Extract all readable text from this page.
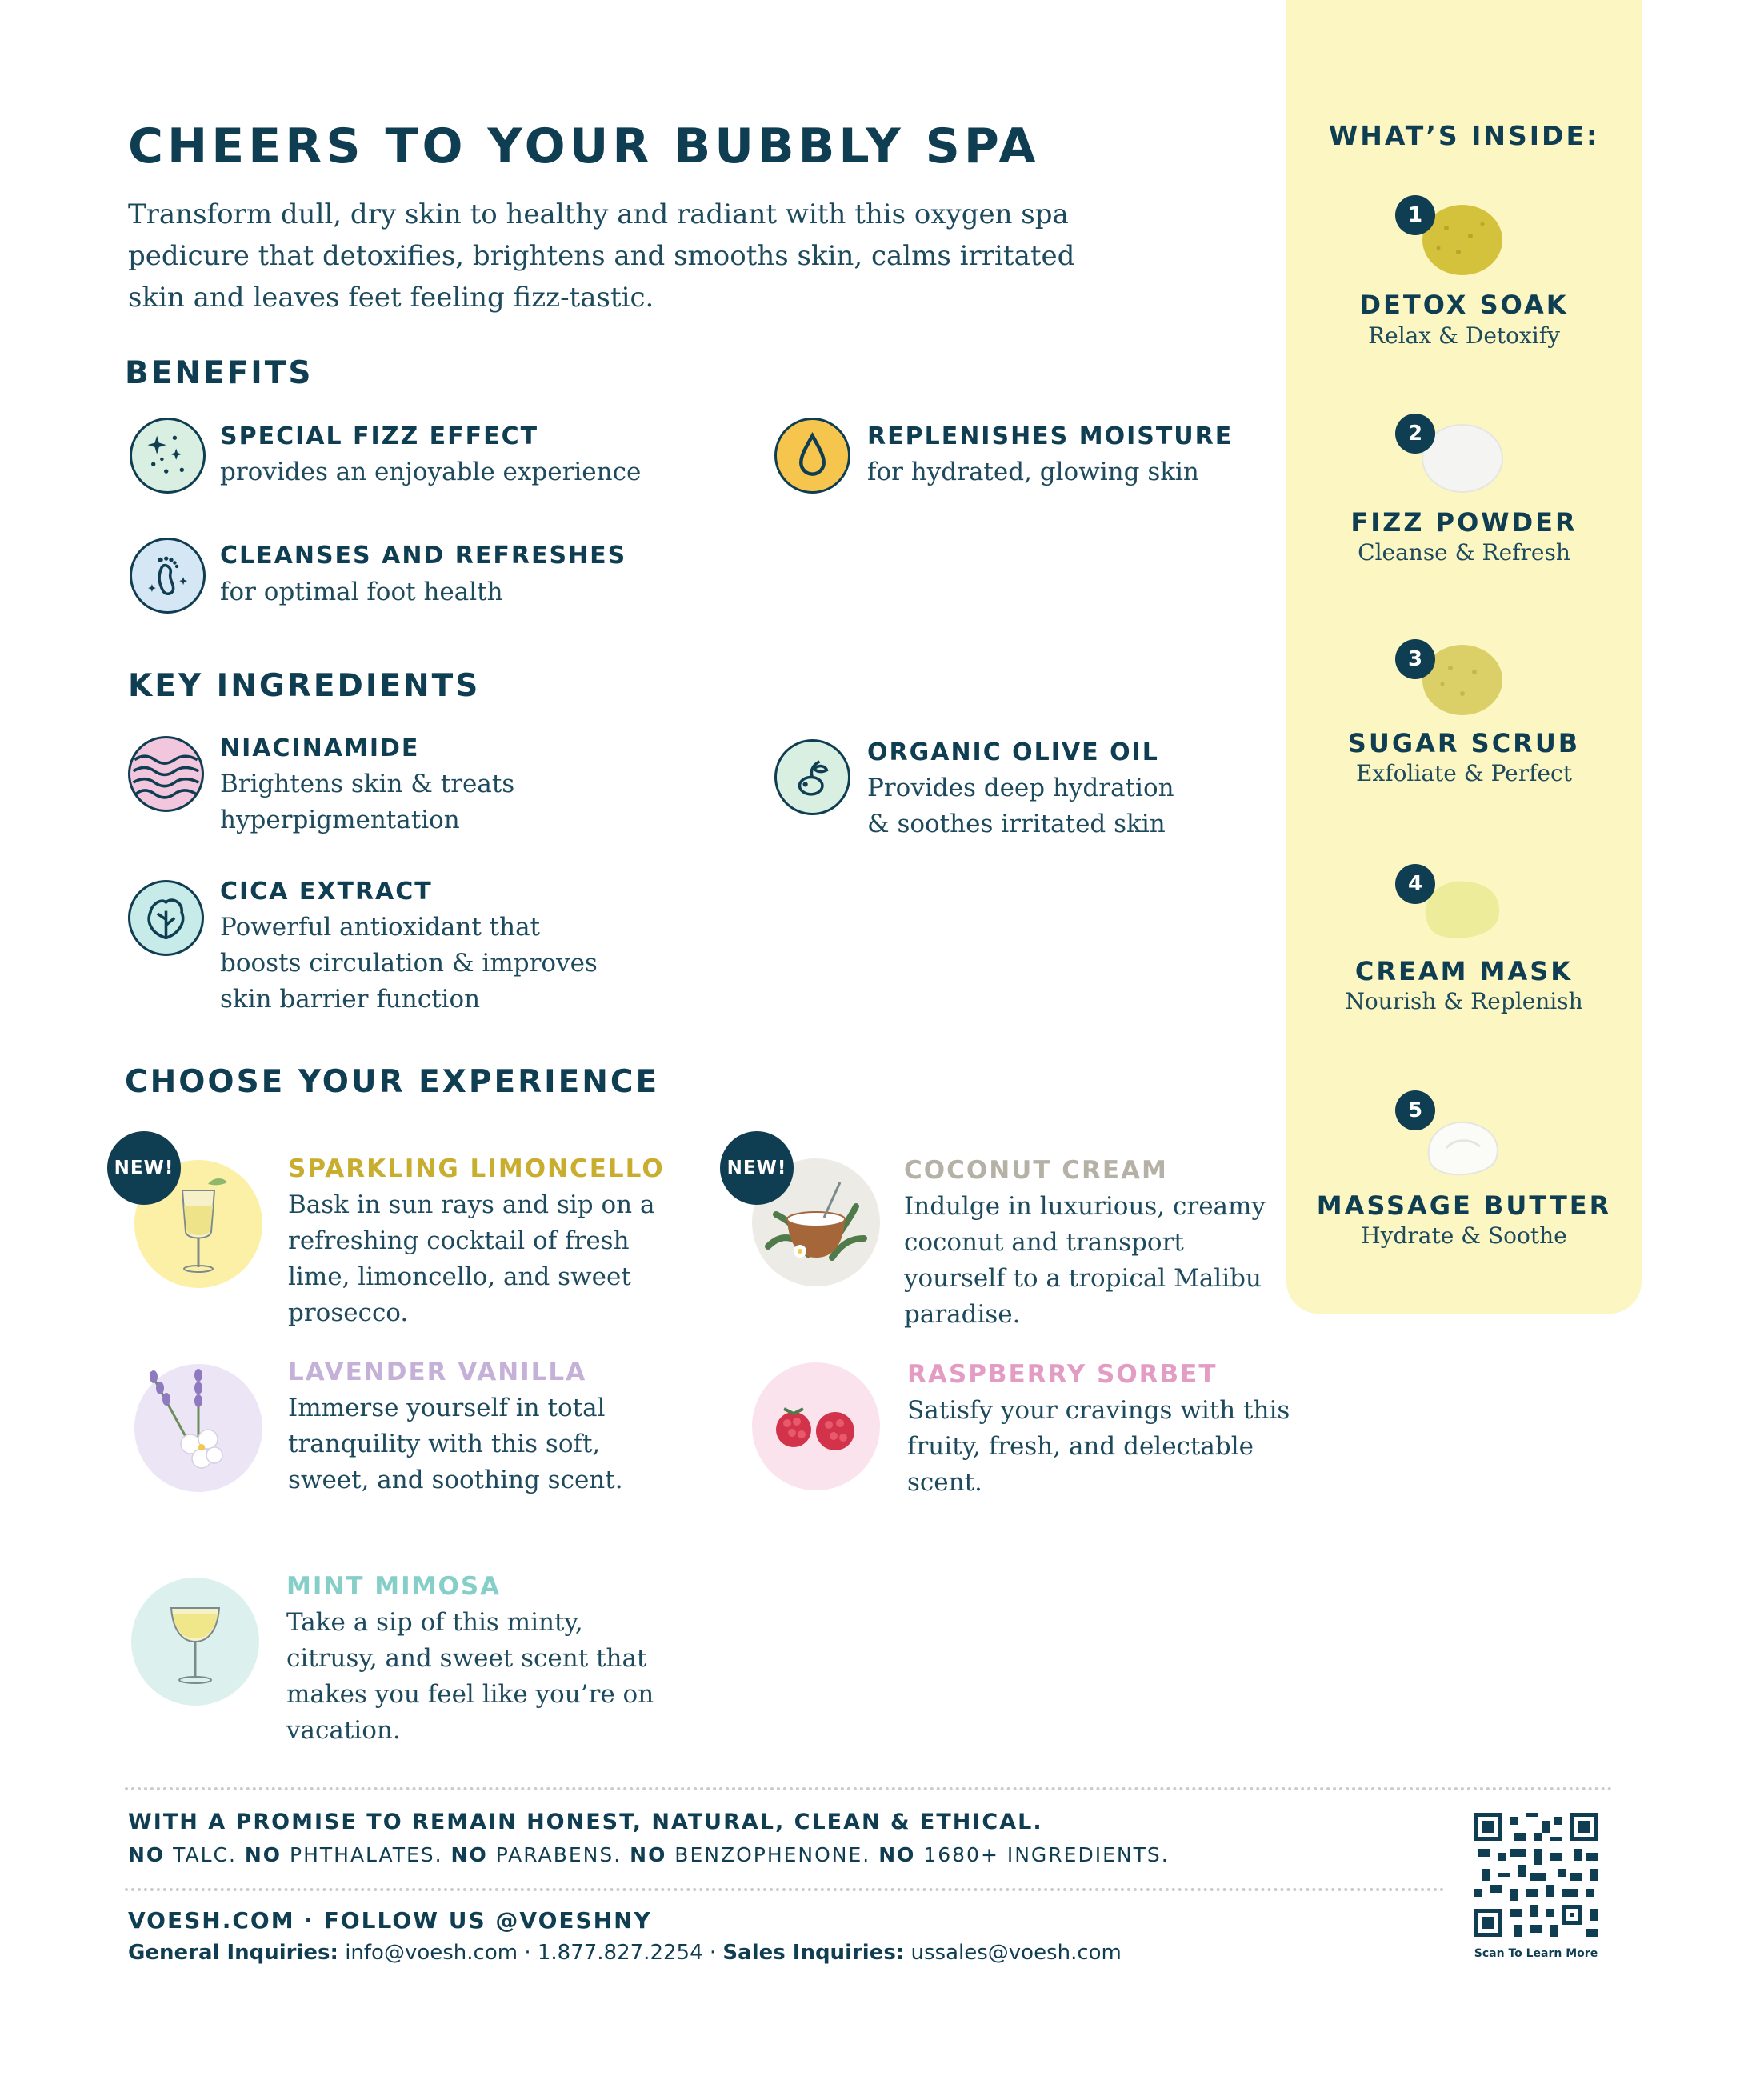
CHEERS TO YOUR BUBBLY SPA
Transform dull, dry skin to healthy and radiant with this oxygen spa pedicure that detoxifies, brightens and smooths skin, calms irritated skin and leaves feet feeling fizz-tastic.
BENEFITS
SPECIAL FIZZ EFFECT
provides an enjoyable experience
REPLENISHES MOISTURE
for hydrated, glowing skin
CLEANSES AND REFRESHES
for optimal foot health
KEY INGREDIENTS
NIACINAMIDE
Brightens skin & treats hyperpigmentation
ORGANIC OLIVE OIL
Provides deep hydration & soothes irritated skin
CICA EXTRACT
Powerful antioxidant that boosts circulation & improves skin barrier function
CHOOSE YOUR EXPERIENCE
NEW!	SPARKLING LIMONCELLO
Bask in sun rays and sip on a refreshing cocktail of fresh lime, limoncello, and sweet prosecco.
NEW!	COCONUT CREAM
Indulge in luxurious, creamy coconut and transport yourself to a tropical Malibu paradise.
LAVENDER VANILLA
Immerse yourself in total tranquility with this soft, sweet, and soothing scent.
RASPBERRY SORBET
Satisfy your cravings with this fruity, fresh, and delectable scent.
MINT MIMOSA
Take a sip of this minty, citrusy, and sweet scent that makes you feel like you’re on vacation.
WHAT’S INSIDE:
1
DETOX SOAK
Relax & Detoxify
2
FIZZ POWDER
Cleanse & Refresh
3
SUGAR SCRUB
Exfoliate & Perfect
4
CREAM MASK
Nourish & Replenish
5
MASSAGE BUTTER
Hydrate & Soothe
WITH A PROMISE TO REMAIN HONEST, NATURAL, CLEAN & ETHICAL.
NO TALC. NO PHTHALATES. NO PARABENS. NO BENZOPHENONE. NO 1680+ INGREDIENTS.
VOESH.COM · FOLLOW US @VOESHNY
General Inquiries: info@voesh.com · 1.877.827.2254 · Sales Inquiries: ussales@voesh.com	Scan To Learn More
